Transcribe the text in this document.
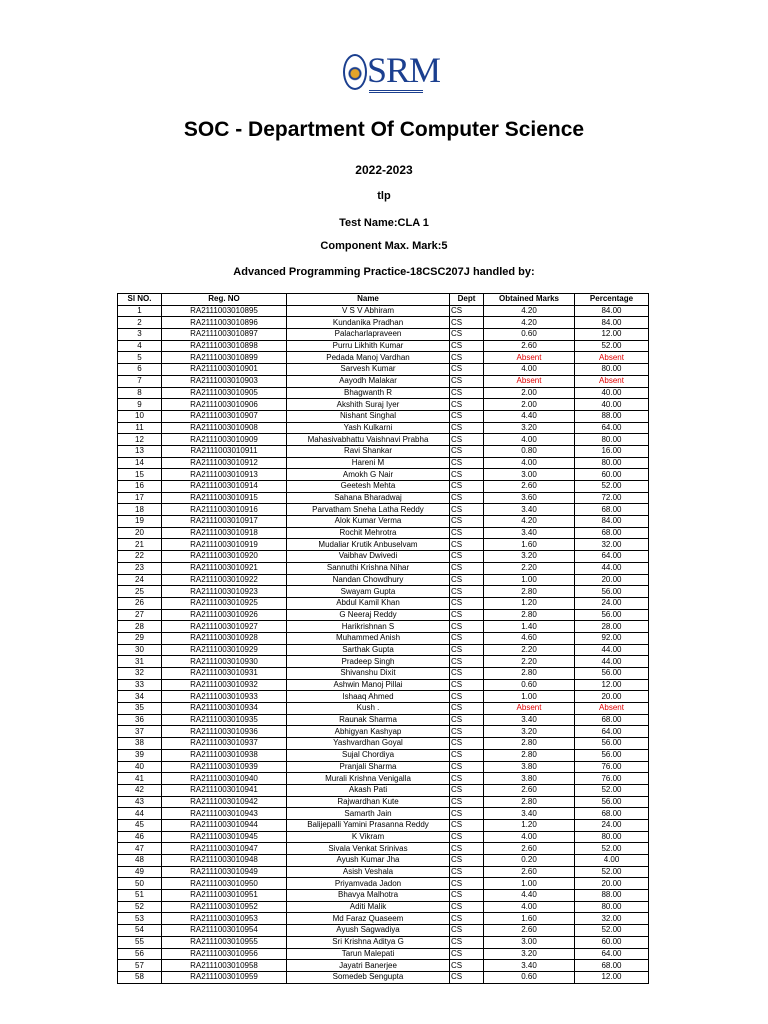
SRM
SOC - Department Of Computer Science
2022-2023
tlp
Test Name:CLA 1
Component Max. Mark:5
Advanced Programming Practice-18CSC207J handled by:
Sl NO.	Reg. NO	Name	Dept	Obtained Marks	Percentage
1	RA2111003010895	V S V Abhiram	CS	4.20	84.00
2	RA2111003010896	Kundanika Pradhan	CS	4.20	84.00
3	RA2111003010897	Palacharlapraveen	CS	0.60	12.00
4	RA2111003010898	Purru Likhith Kumar	CS	2.60	52.00
5	RA2111003010899	Pedada Manoj Vardhan	CS	Absent	Absent
6	RA2111003010901	Sarvesh Kumar	CS	4.00	80.00
7	RA2111003010903	Aayodh Malakar	CS	Absent	Absent
8	RA2111003010905	Bhagwanth R	CS	2.00	40.00
9	RA2111003010906	Akshith Suraj Iyer	CS	2.00	40.00
10	RA2111003010907	Nishant Singhal	CS	4.40	88.00
11	RA2111003010908	Yash Kulkarni	CS	3.20	64.00
12	RA2111003010909	Mahasivabhattu Vaishnavi Prabha	CS	4.00	80.00
13	RA2111003010911	Ravi Shankar	CS	0.80	16.00
14	RA2111003010912	Hareni M	CS	4.00	80.00
15	RA2111003010913	Amokh G Nair	CS	3.00	60.00
16	RA2111003010914	Geetesh Mehta	CS	2.60	52.00
17	RA2111003010915	Sahana Bharadwaj	CS	3.60	72.00
18	RA2111003010916	Parvatham Sneha Latha Reddy	CS	3.40	68.00
19	RA2111003010917	Alok Kumar Verma	CS	4.20	84.00
20	RA2111003010918	Rochit Mehrotra	CS	3.40	68.00
21	RA2111003010919	Mudaliar Krutik Anbuselvam	CS	1.60	32.00
22	RA2111003010920	Vaibhav Dwivedi	CS	3.20	64.00
23	RA2111003010921	Sannuthi Krishna Nihar	CS	2.20	44.00
24	RA2111003010922	Nandan Chowdhury	CS	1.00	20.00
25	RA2111003010923	Swayam Gupta	CS	2.80	56.00
26	RA2111003010925	Abdul Kamil Khan	CS	1.20	24.00
27	RA2111003010926	G Neeraj Reddy	CS	2.80	56.00
28	RA2111003010927	Harikrishnan S	CS	1.40	28.00
29	RA2111003010928	Muhammed Anish	CS	4.60	92.00
30	RA2111003010929	Sarthak Gupta	CS	2.20	44.00
31	RA2111003010930	Pradeep Singh	CS	2.20	44.00
32	RA2111003010931	Shivanshu Dixit	CS	2.80	56.00
33	RA2111003010932	Ashwin Manoj Pillai	CS	0.60	12.00
34	RA2111003010933	Ishaaq Ahmed	CS	1.00	20.00
35	RA2111003010934	Kush .	CS	Absent	Absent
36	RA2111003010935	Raunak Sharma	CS	3.40	68.00
37	RA2111003010936	Abhigyan Kashyap	CS	3.20	64.00
38	RA2111003010937	Yashvardhan Goyal	CS	2.80	56.00
39	RA2111003010938	Sujal Chordiya	CS	2.80	56.00
40	RA2111003010939	Pranjali Sharma	CS	3.80	76.00
41	RA2111003010940	Murali Krishna Venigalla	CS	3.80	76.00
42	RA2111003010941	Akash Pati	CS	2.60	52.00
43	RA2111003010942	Rajwardhan Kute	CS	2.80	56.00
44	RA2111003010943	Samarth Jain	CS	3.40	68.00
45	RA2111003010944	Balijepalli Yamini Prasanna Reddy	CS	1.20	24.00
46	RA2111003010945	K Vikram	CS	4.00	80.00
47	RA2111003010947	Sivala Venkat Srinivas	CS	2.60	52.00
48	RA2111003010948	Ayush Kumar Jha	CS	0.20	4.00
49	RA2111003010949	Asish Veshala	CS	2.60	52.00
50	RA2111003010950	Priyamvada Jadon	CS	1.00	20.00
51	RA2111003010951	Bhavya Malhotra	CS	4.40	88.00
52	RA2111003010952	Aditi Malik	CS	4.00	80.00
53	RA2111003010953	Md Faraz Quaseem	CS	1.60	32.00
54	RA2111003010954	Ayush Sagwadiya	CS	2.60	52.00
55	RA2111003010955	Sri Krishna Aditya G	CS	3.00	60.00
56	RA2111003010956	Tarun Malepati	CS	3.20	64.00
57	RA2111003010958	Jayatri Banerjee	CS	3.40	68.00
58	RA2111003010959	Somedeb Sengupta	CS	0.60	12.00
